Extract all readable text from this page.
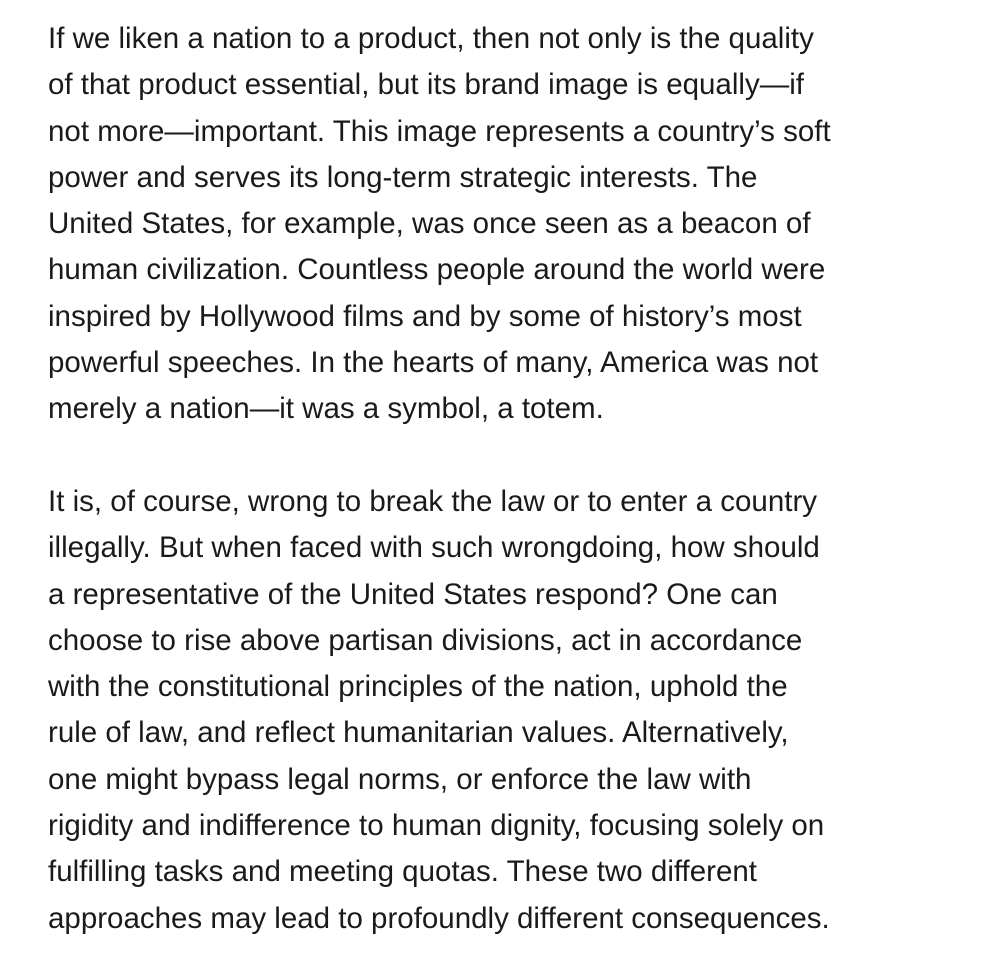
If we liken a nation to a product, then not only is the quality
of that product essential, but its brand image is equally—if
not more—important. This image represents a country’s soft
power and serves its long-term strategic interests. The
United States, for example, was once seen as a beacon of
human civilization. Countless people around the world were
inspired by Hollywood films and by some of history’s most
powerful speeches. In the hearts of many, America was not
merely a nation—it was a symbol, a totem.

It is, of course, wrong to break the law or to enter a country
illegally. But when faced with such wrongdoing, how should
a representative of the United States respond? One can
choose to rise above partisan divisions, act in accordance
with the constitutional principles of the nation, uphold the
rule of law, and reflect humanitarian values. Alternatively,
one might bypass legal norms, or enforce the law with
rigidity and indifference to human dignity, focusing solely on
fulfilling tasks and meeting quotas. These two different
approaches may lead to profoundly different consequences.
